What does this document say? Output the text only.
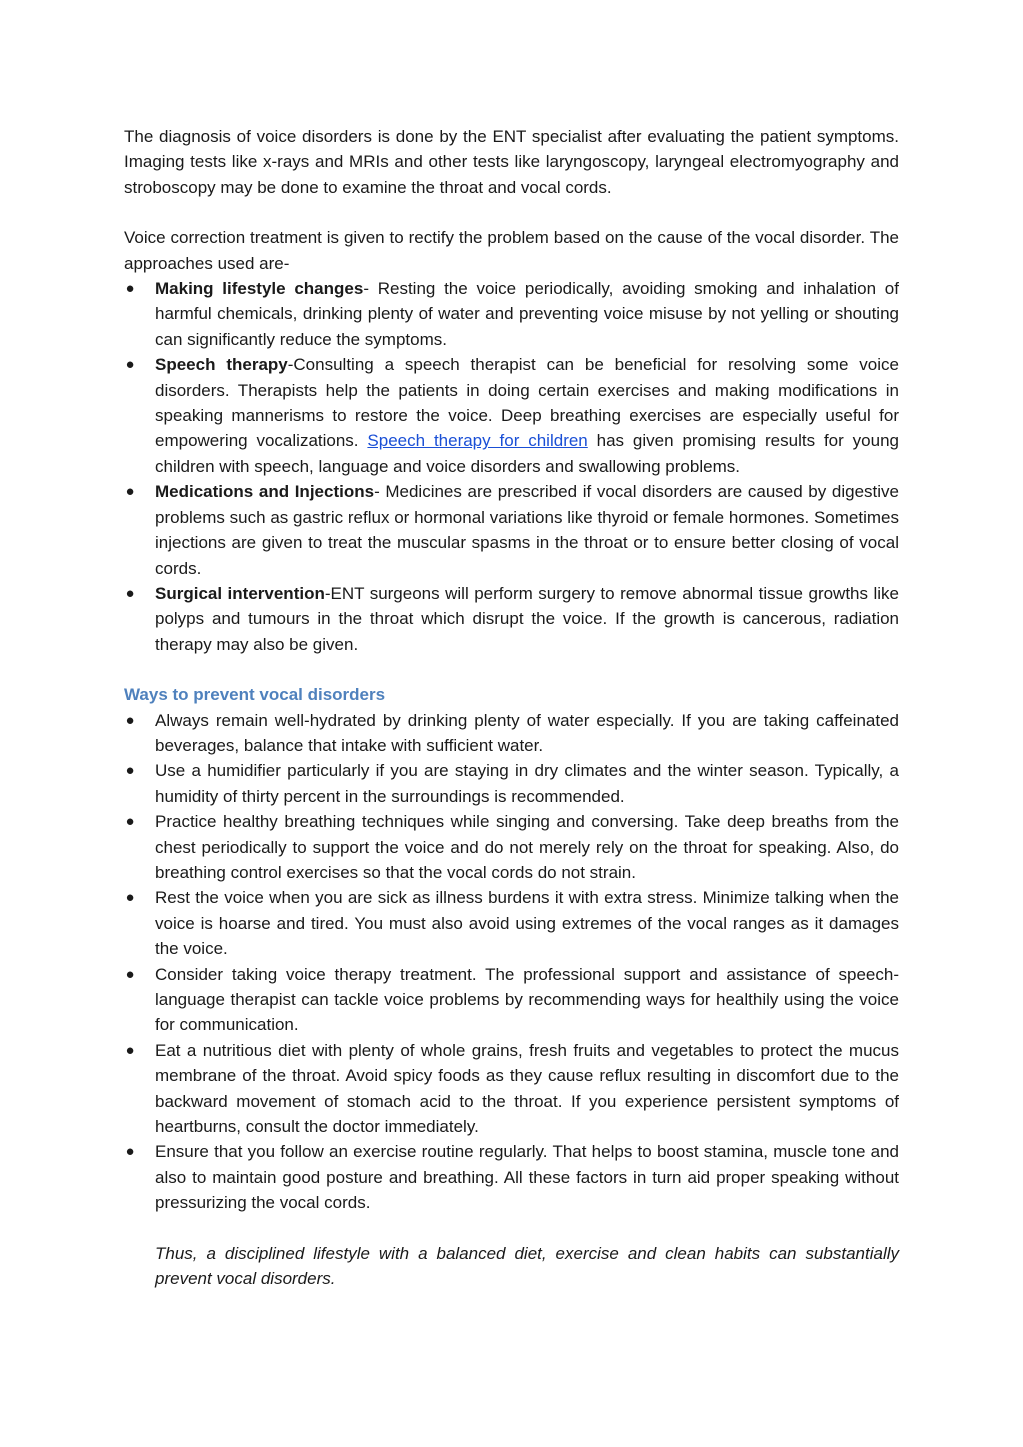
The diagnosis of voice disorders is done by the ENT specialist after evaluating the patient symptoms. Imaging tests like x-rays and MRIs and other tests like laryngoscopy, laryngeal electromyography and stroboscopy may be done to examine the throat and vocal cords.

Voice correction treatment is given to rectify the problem based on the cause of the vocal disorder. The approaches used are-

● Making lifestyle changes- Resting the voice periodically, avoiding smoking and inhalation of harmful chemicals, drinking plenty of water and preventing voice misuse by not yelling or shouting can significantly reduce the symptoms.
● Speech therapy-Consulting a speech therapist can be beneficial for resolving some voice disorders. Therapists help the patients in doing certain exercises and making modifications in speaking mannerisms to restore the voice. Deep breathing exercises are especially useful for empowering vocalizations. Speech therapy for children has given promising results for young children with speech, language and voice disorders and swallowing problems.
● Medications and Injections- Medicines are prescribed if vocal disorders are caused by digestive problems such as gastric reflux or hormonal variations like thyroid or female hormones. Sometimes injections are given to treat the muscular spasms in the throat or to ensure better closing of vocal cords.
● Surgical intervention-ENT surgeons will perform surgery to remove abnormal tissue growths like polyps and tumours in the throat which disrupt the voice. If the growth is cancerous, radiation therapy may also be given.
Ways to prevent vocal disorders
● Always remain well-hydrated by drinking plenty of water especially. If you are taking caffeinated beverages, balance that intake with sufficient water.
● Use a humidifier particularly if you are staying in dry climates and the winter season. Typically, a humidity of thirty percent in the surroundings is recommended.
● Practice healthy breathing techniques while singing and conversing. Take deep breaths from the chest periodically to support the voice and do not merely rely on the throat for speaking. Also, do breathing control exercises so that the vocal cords do not strain.
● Rest the voice when you are sick as illness burdens it with extra stress. Minimize talking when the voice is hoarse and tired. You must also avoid using extremes of the vocal ranges as it damages the voice.
● Consider taking voice therapy treatment. The professional support and assistance of speech-language therapist can tackle voice problems by recommending ways for healthily using the voice for communication.
● Eat a nutritious diet with plenty of whole grains, fresh fruits and vegetables to protect the mucus membrane of the throat. Avoid spicy foods as they cause reflux resulting in discomfort due to the backward movement of stomach acid to the throat. If you experience persistent symptoms of heartburns, consult the doctor immediately.
● Ensure that you follow an exercise routine regularly. That helps to boost stamina, muscle tone and also to maintain good posture and breathing. All these factors in turn aid proper speaking without pressurizing the vocal cords.

Thus, a disciplined lifestyle with a balanced diet, exercise and clean habits can substantially prevent vocal disorders.
